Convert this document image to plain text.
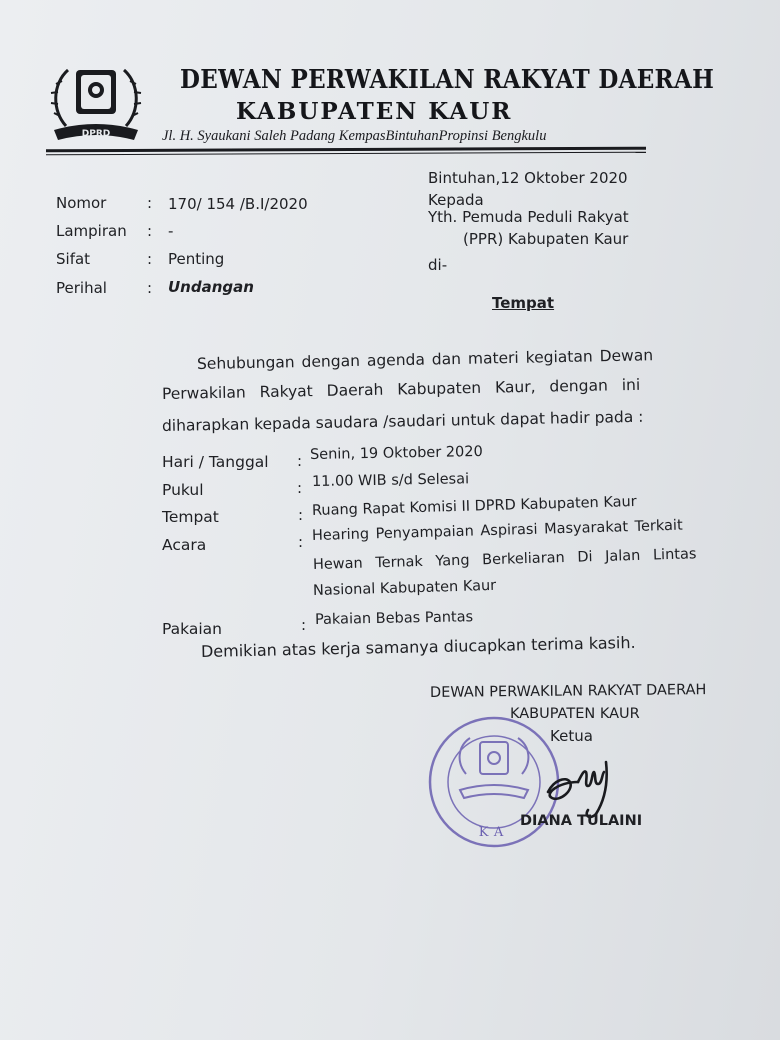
DPRD
DEWAN PERWAKILAN RAKYAT DAERAH
KABUPATEN KAUR
Jl. H. Syaukani Saleh Padang KempasBintuhanPropinsi Bengkulu
Bintuhan,12 Oktober 2020
Kepada
Yth. Pemuda Peduli Rakyat
(PPR) Kabupaten Kaur
di-
Tempat
Nomor	: 170/ 154 /B.I/2020
Lampiran : -
Sifat	: Penting
Perihal	: Undangan
Sehubungan dengan agenda dan materi kegiatan Dewan
Perwakilan Rakyat Daerah Kabupaten Kaur, dengan ini
diharapkan kepada saudara /saudari untuk dapat hadir pada :
Hari / Tanggal : Senin, 19 Oktober 2020
Pukul	: 11.00 WIB s/d Selesai
Tempat	: Ruang Rapat Komisi II DPRD Kabupaten Kaur
Acara	: Hearing Penyampaian Aspirasi Masyarakat Terkait
Hewan Ternak Yang Berkeliaran Di Jalan Lintas
Nasional Kabupaten Kaur
Pakaian	: Pakaian Bebas Pantas
Demikian atas kerja samanya diucapkan terima kasih.
DEWAN PERWAKILAN RAKYAT DAERAH
KABUPATEN KAUR
Ketua
KA
DIANA TULAINI
